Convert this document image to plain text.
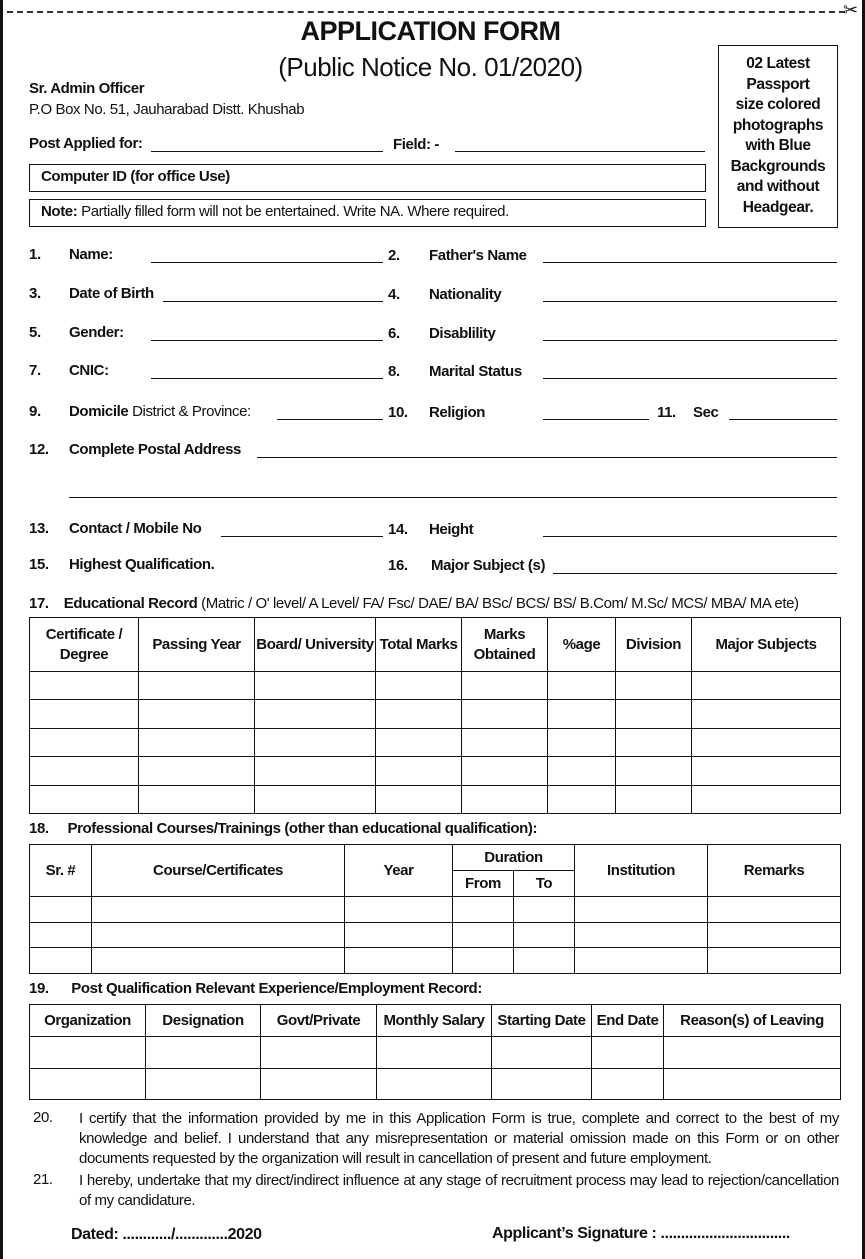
✂
APPLICATION FORM
(Public Notice No. 01/2020)
Sr. Admin Officer
P.O Box No. 51, Jauharabad Distt. Khushab
02 Latest
Passport
size colored
photographs
with Blue
Backgrounds
and without
Headgear.
Post Applied for:	Field: -
Computer ID (for office Use)
Note: Partially filled form will not be entertained. Write NA. Where required.
1. Name:	2. Father's Name
3. Date of Birth	4. Nationality
5. Gender:	6. Disablility
7. CNIC:	8. Marital Status
9. Domicile District & Province:	10. Religion	11. Sec
12. Complete Postal Address
13. Contact / Mobile No	14. Height
15. Highest Qualification.	16. Major Subject (s)
17. Educational Record (Matric / O' level/ A Level/ FA/ Fsc/ DAE/ BA/ BSc/ BCS/ BS/ B.Com/ M.Sc/ MCS/ MBA/ MA ete)
Certificate / Degree	Passing Year	Board/ University	Total Marks	Marks Obtained	%age	Division	Major Subjects

18. Professional Courses/Trainings (other than educational qualification):
Sr. #	Course/Certificates	Year	Duration		Institution	Remarks
			From	To		

19. Post Qualification Relevant Experience/Employment Record:
Organization	Designation	Govt/Private	Monthly Salary	Starting Date	End Date	Reason(s) of Leaving

20. I certify that the information provided by me in this Application Form is true, complete and correct to the best of my knowledge and belief. I understand that any misrepresentation or material omission made on this Form or on other documents requested by the organization will result in cancellation of present and future employment.

21. I hereby, undertake that my direct/indirect influence at any stage of recruitment process may lead to rejection/cancellation of my candidature.

Dated: ............/.............2020	Applicant’s Signature : ................................
